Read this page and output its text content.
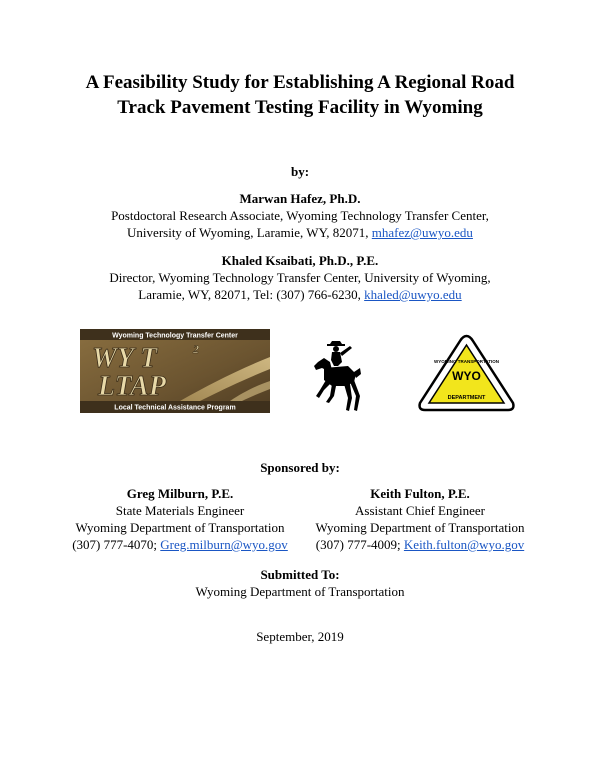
A Feasibility Study for Establishing A Regional Road
Track Pavement Testing Facility in Wyoming
by:
Marwan Hafez, Ph.D.
Postdoctoral Research Associate, Wyoming Technology Transfer Center,
University of Wyoming, Laramie, WY, 82071, mhafez@uwyo.edu
Khaled Ksaibati, Ph.D., P.E.
Director, Wyoming Technology Transfer Center, University of Wyoming,
Laramie, WY, 82071, Tel: (307) 766-6230, khaled@uwyo.edu
Wyoming Technology Transfer Center
WY T	2
LTAP
Local Technical Assistance Program
WYO
DEPARTMENT
WYOMING TRANSPORTATION
Sponsored by:
Greg Milburn, P.E.
State Materials Engineer
Wyoming Department of Transportation
(307) 777-4070; Greg.milburn@wyo.gov
Keith Fulton, P.E.
Assistant Chief Engineer
Wyoming Department of Transportation
(307) 777-4009; Keith.fulton@wyo.gov
Submitted To:
Wyoming Department of Transportation
September, 2019
